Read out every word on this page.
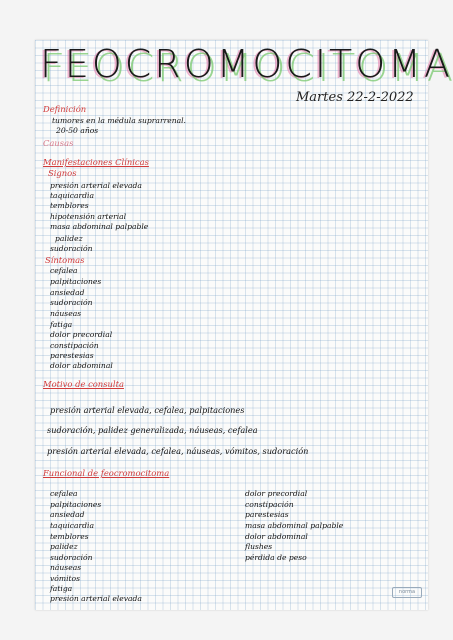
FEOCROMOCITOMA
Martes 22-2-2022
Definición
tumores en la médula suprarrenal.
20-50 años
Causas
Manifestaciones Clínicas
Signos
presión arterial elevada
taquicardia
temblores
hipotensión arterial
masa abdominal palpable
palidez
sudoración
Síntomas
cefalea
palpitaciones
ansiedad
sudoración
náuseas
fatiga
dolor precordial
constipación
parestesias
dolor abdominal
Motivo de consulta
presión arterial elevada, cefalea, palpitaciones
sudoración, palidez generalizada, náuseas, cefalea
presión arterial elevada, cefalea, náuseas, vómitos, sudoración
Funcional de feocromocitoma
cefalea
palpitaciones
ansiedad
taquicardia
temblores
palidez
sudoración
náuseas
vómitos
fatiga
presión arterial elevada
dolor precordial
constipación
parestesias
masa abdominal palpable
dolor abdominal
flushes
pérdida de peso
norma
